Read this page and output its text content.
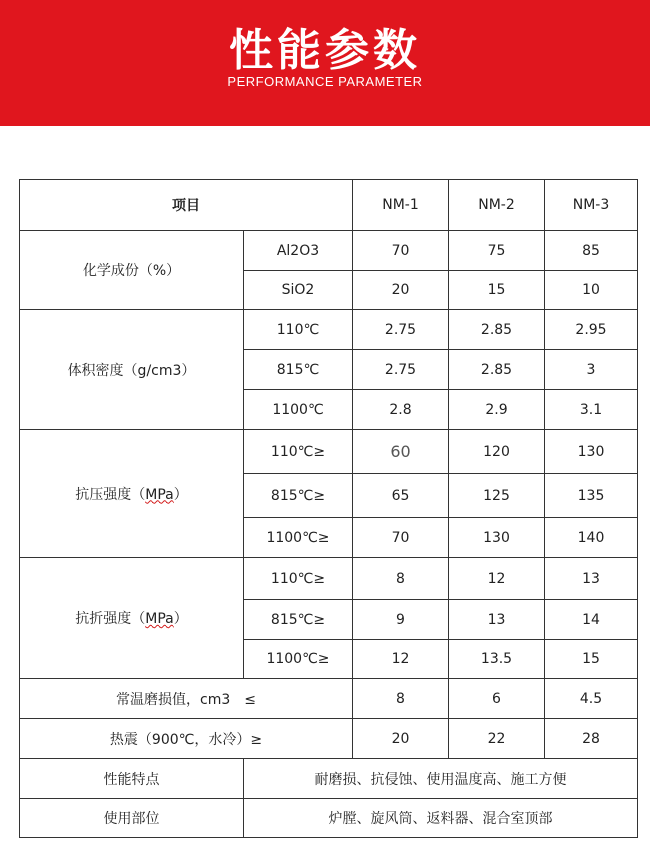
性能参数
PERFORMANCE PARAMETER
项目		NM-1	NM-2	NM-3
化学成份（%）	Al2O3	70	75	85
	SiO2	20	15	10
体积密度（g/cm3）	110℃	2.75	2.85	2.95
	815℃	2.75	2.85	3
	1100℃	2.8	2.9	3.1
抗压强度（MPa）	110℃≥	60	120	130
	815℃≥	65	125	135
	1100℃≥	70	130	140
抗折强度（MPa）	110℃≥	8	12	13
	815℃≥	9	13	14
	1100℃≥	12	13.5	15
常温磨损值，cm3　≤		8	6	4.5
热震（900℃，水冷）≥		20	22	28
性能特点	耐磨损、抗侵蚀、使用温度高、施工方便			
使用部位	炉膛、旋风筒、返料器、混合室顶部			
